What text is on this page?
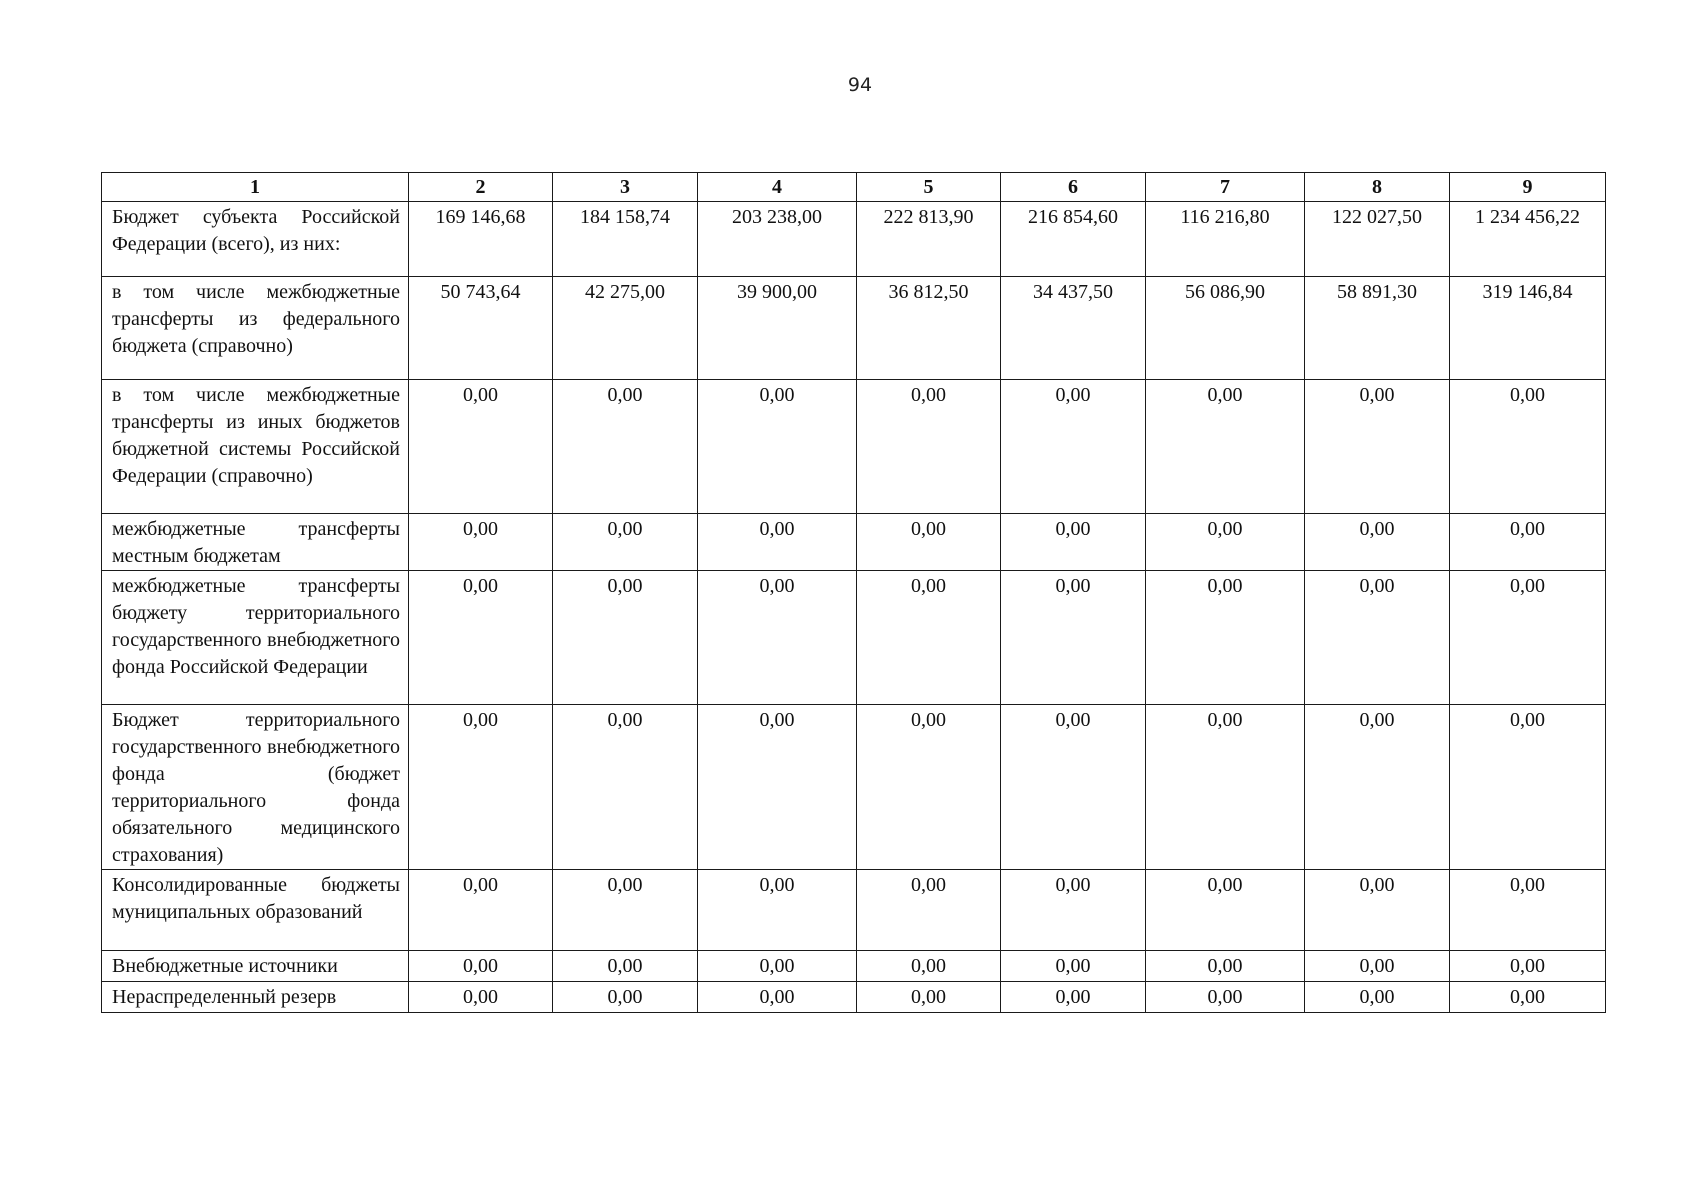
94
1	2	3	4	5	6	7	8	9
Бюджет субъекта Российской Федерации (всего), из них:	169 146,68	184 158,74	203 238,00	222 813,90	216 854,60	116 216,80	122 027,50	1 234 456,22
в том числе межбюджетные трансферты из федерального бюджета (справочно)	50 743,64	42 275,00	39 900,00	36 812,50	34 437,50	56 086,90	58 891,30	319 146,84
в том числе межбюджетные трансферты из иных бюджетов бюджетной системы Российской Федерации (справочно)	0,00	0,00	0,00	0,00	0,00	0,00	0,00	0,00
межбюджетные трансферты местным бюджетам	0,00	0,00	0,00	0,00	0,00	0,00	0,00	0,00
межбюджетные трансферты бюджету территориального государственного внебюджетного фонда Российской Федерации	0,00	0,00	0,00	0,00	0,00	0,00	0,00	0,00
Бюджет территориального государственного внебюджетного фонда (бюджет территориального фонда обязательного медицинского страхования)	0,00	0,00	0,00	0,00	0,00	0,00	0,00	0,00
Консолидированные бюджеты муниципальных образований	0,00	0,00	0,00	0,00	0,00	0,00	0,00	0,00
Внебюджетные источники	0,00	0,00	0,00	0,00	0,00	0,00	0,00	0,00
Нераспределенный резерв	0,00	0,00	0,00	0,00	0,00	0,00	0,00	0,00
